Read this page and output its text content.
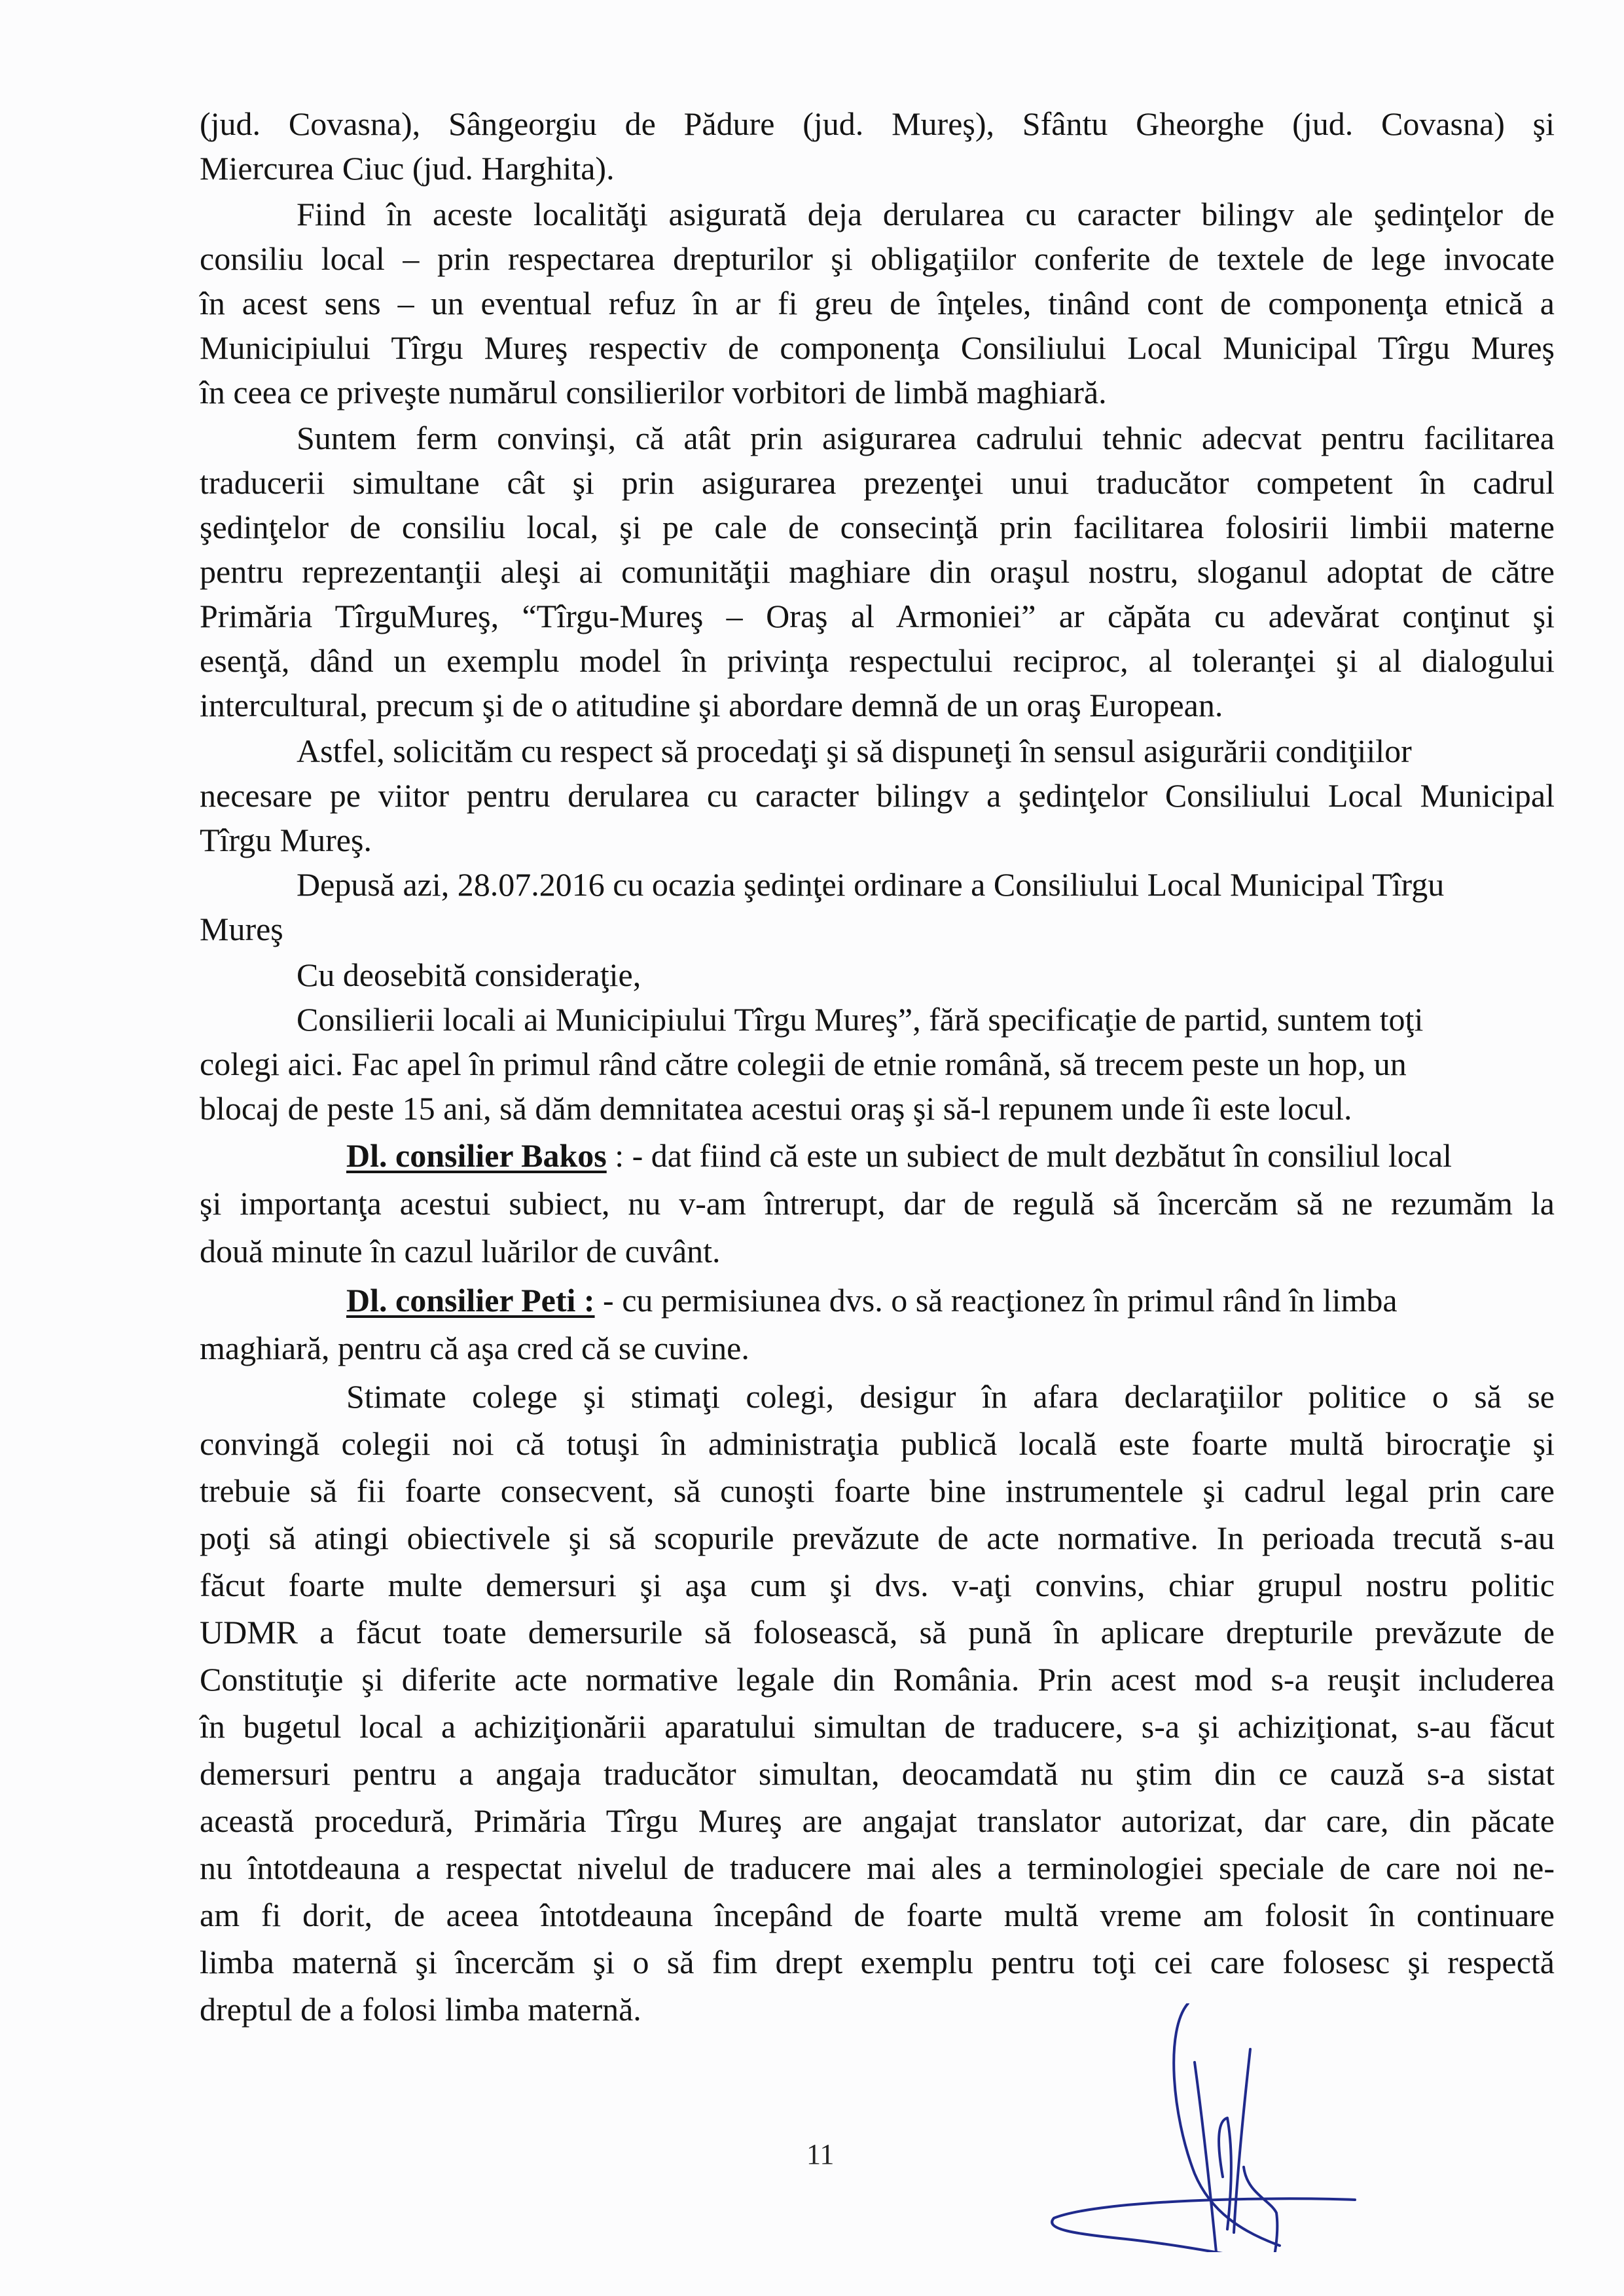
(jud. Covasna), Sângeorgiu de Pădure (jud. Mureş), Sfântu Gheorghe (jud. Covasna) şi
Miercurea Ciuc (jud. Harghita).
Fiind în aceste localităţi asigurată deja derularea cu caracter bilingv ale şedinţelor de
consiliu local – prin respectarea drepturilor şi obligaţiilor conferite de textele de lege invocate
în acest sens – un eventual refuz în ar fi greu de înţeles, tinând cont de componenţa etnică a
Municipiului Tîrgu Mureş respectiv de componenţa Consiliului Local Municipal Tîrgu Mureş
în ceea ce priveşte numărul consilierilor vorbitori de limbă maghiară.
Suntem ferm convinşi, că atât prin asigurarea cadrului tehnic adecvat pentru facilitarea
traducerii simultane cât şi prin asigurarea prezenţei unui traducător competent în cadrul
şedinţelor de consiliu local, şi pe cale de consecinţă prin facilitarea folosirii limbii materne
pentru reprezentanţii aleşi ai comunităţii maghiare din oraşul nostru, sloganul adoptat de către
Primăria TîrguMureş, “Tîrgu-Mureş – Oraş al Armoniei” ar căpăta cu adevărat conţinut şi
esenţă, dând un exemplu model în privinţa respectului reciproc, al toleranţei şi al dialogului
intercultural, precum şi de o atitudine şi abordare demnă de un oraş European.
Astfel, solicităm cu respect să procedaţi şi să dispuneţi în sensul asigurării condiţiilor
necesare pe viitor pentru derularea cu caracter bilingv a şedinţelor Consiliului Local Municipal
Tîrgu Mureş.
Depusă azi, 28.07.2016 cu ocazia şedinţei ordinare a Consiliului Local Municipal Tîrgu
Mureş
Cu deosebită consideraţie,
Consilierii locali ai Municipiului Tîrgu Mureş”, fără specificaţie de partid, suntem toţi
colegi aici. Fac apel în primul rând către colegii de etnie română, să trecem peste un hop, un
blocaj de peste 15 ani, să dăm demnitatea acestui oraş şi să-l repunem unde îi este locul.
Dl. consilier Bakos : - dat fiind că este un subiect de mult dezbătut în consiliul local
şi importanţa acestui subiect, nu v-am întrerupt, dar de regulă să încercăm să ne rezumăm la
două minute în cazul luărilor de cuvânt.
Dl. consilier Peti : - cu permisiunea dvs. o să reacţionez în primul rând în limba
maghiară, pentru că aşa cred că se cuvine.
Stimate colege şi stimaţi colegi, desigur în afara declaraţiilor politice o să se
convingă colegii noi că totuşi în administraţia publică locală este foarte multă birocraţie şi
trebuie să fii foarte consecvent, să cunoşti foarte bine instrumentele şi cadrul legal prin care
poţi să atingi obiectivele şi să scopurile prevăzute de acte normative. In perioada trecută s-au
făcut foarte multe demersuri şi aşa cum şi dvs. v-aţi convins, chiar grupul nostru politic
UDMR a făcut toate demersurile să folosească, să pună în aplicare drepturile prevăzute de
Constituţie şi diferite acte normative legale din România. Prin acest mod s-a reuşit includerea
în bugetul local a achiziţionării aparatului simultan de traducere, s-a şi achiziţionat, s-au făcut
demersuri pentru a angaja traducător simultan, deocamdată nu ştim din ce cauză s-a sistat
această procedură, Primăria Tîrgu Mureş are angajat translator autorizat, dar care, din păcate
nu întotdeauna a respectat nivelul de traducere mai ales a terminologiei speciale de care noi ne-
am fi dorit, de aceea întotdeauna începând de foarte multă vreme am folosit în continuare
limba maternă şi încercăm şi o să fim drept exemplu pentru toţi cei care folosesc şi respectă
dreptul de a folosi limba maternă.
11
